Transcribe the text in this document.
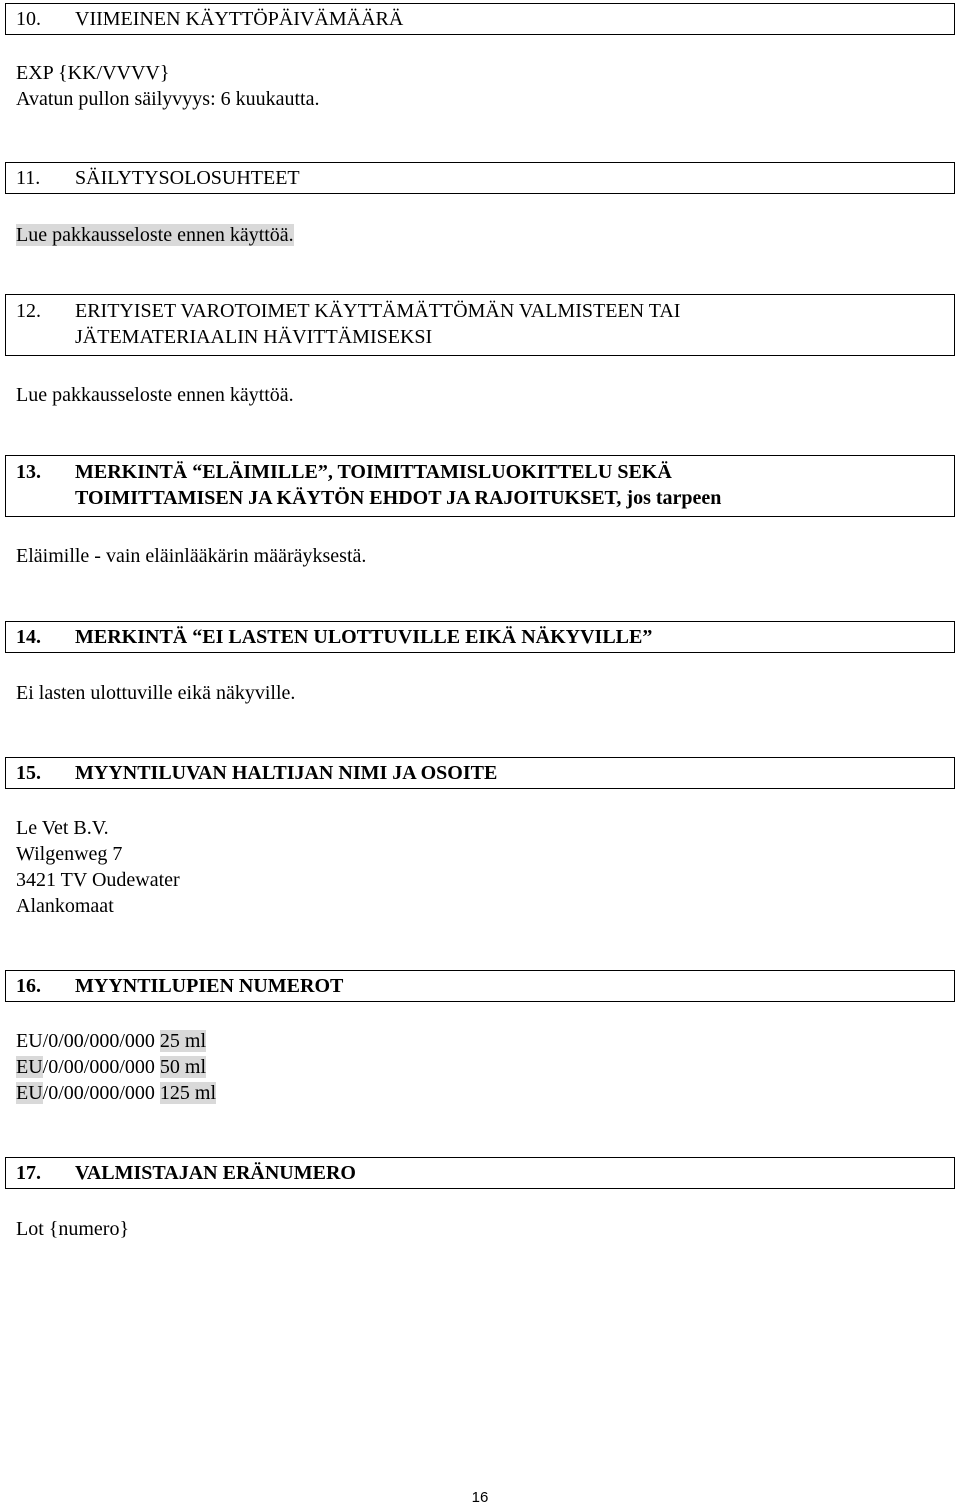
10. VIIMEINEN KÄYTTÖPÄIVÄMÄÄRÄ
EXP {KK/VVVV}
Avatun pullon säilyvyys: 6 kuukautta.
11. SÄILYTYSOLOSUHTEET
Lue pakkausseloste ennen käyttöä.
12. ERITYISET VAROTOIMET KÄYTTÄMÄTTÖMÄN VALMISTEEN TAI
JÄTEMATERIAALIN HÄVITTÄMISEKSI
Lue pakkausseloste ennen käyttöä.
13. MERKINTÄ “ELÄIMILLE”, TOIMITTAMISLUOKITTELU SEKÄ
TOIMITTAMISEN JA KÄYTÖN EHDOT JA RAJOITUKSET, jos tarpeen
Eläimille - vain eläinlääkärin määräyksestä.
14. MERKINTÄ “EI LASTEN ULOTTUVILLE EIKÄ NÄKYVILLE”
Ei lasten ulottuville eikä näkyville.
15. MYYNTILUVAN HALTIJAN NIMI JA OSOITE
Le Vet B.V.
Wilgenweg 7
3421 TV Oudewater
Alankomaat
16. MYYNTILUPIEN NUMEROT
EU/0/00/000/000 25 ml
EU/0/00/000/000 50 ml
EU/0/00/000/000 125 ml
17. VALMISTAJAN ERÄNUMERO
Lot {numero}
16
